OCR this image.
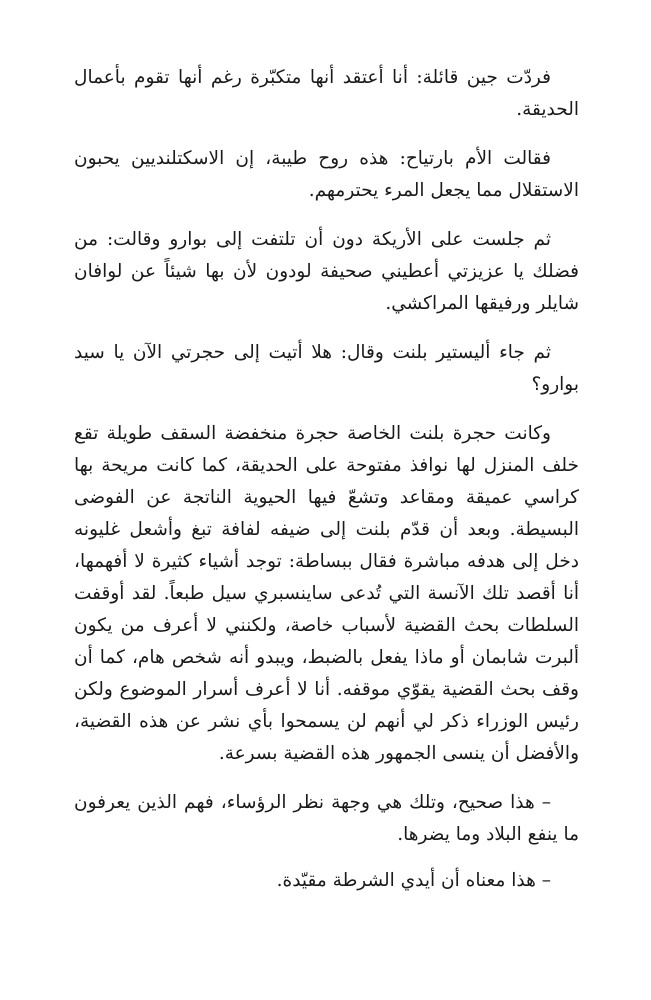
فردّت جين قائلة: أنا أعتقد أنها متكبّرة رغم أنها تقوم بأعمال الحديقة.

فقالت الأم بارتياح: هذه روح طيبة، إن الاسكتلنديين يحبون الاستقلال مما يجعل المرء يحترمهم.

ثم جلست على الأريكة دون أن تلتفت إلى بوارو وقالت: من فضلك يا عزيزتي أعطيني صحيفة لودون لأن بها شيئاً عن لوافان شايلر ورفيقها المراكشي.

ثم جاء أليستير بلنت وقال: هلا أتيت إلى حجرتي الآن يا سيد بوارو؟

وكانت حجرة بلنت الخاصة حجرة منخفضة السقف طويلة تقع خلف المنزل لها نوافذ مفتوحة على الحديقة، كما كانت مريحة بها كراسي عميقة ومقاعد وتشعّ فيها الحيوية الناتجة عن الفوضى البسيطة. وبعد أن قدّم بلنت إلى ضيفه لفافة تبغ وأشعل غليونه دخل إلى هدفه مباشرة فقال ببساطة: توجد أشياء كثيرة لا أفهمها، أنا أقصد تلك الآنسة التي تُدعى ساينسبري سيل طبعاً. لقد أوقفت السلطات بحث القضية لأسباب خاصة، ولكنني لا أعرف من يكون ألبرت شابمان أو ماذا يفعل بالضبط، ويبدو أنه شخص هام، كما أن وقف بحث القضية يقوّي موقفه. أنا لا أعرف أسرار الموضوع ولكن رئيس الوزراء ذكر لي أنهم لن يسمحوا بأي نشر عن هذه القضية، والأفضل أن ينسى الجمهور هذه القضية بسرعة.

– هذا صحيح، وتلك هي وجهة نظر الرؤساء، فهم الذين يعرفون ما ينفع البلاد وما يضرها.

– هذا معناه أن أيدي الشرطة مقيّدة.
